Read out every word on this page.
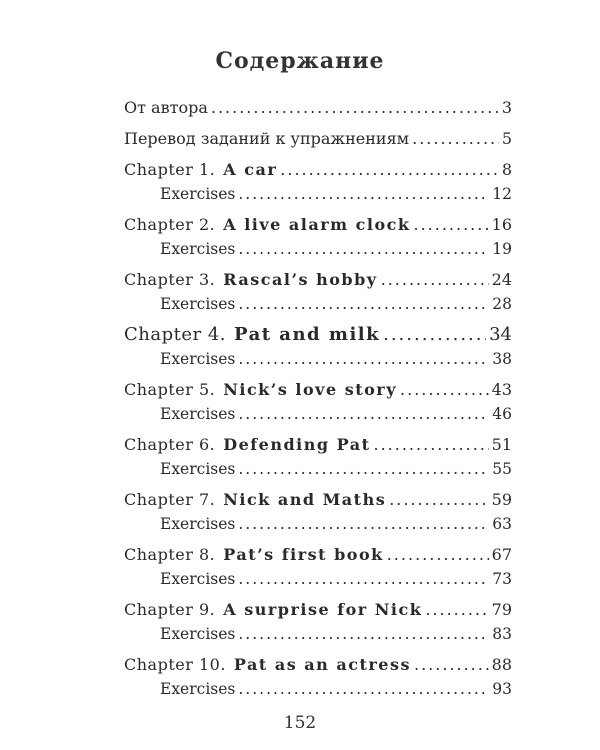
Содержание
От автора .....	3
Перевод заданий к упражнениям .....	5
Chapter 1. A car .....	8
Exercises .....	12
Chapter 2. A live alarm clock .....	16
Exercises .....	19
Chapter 3. Rascal’s hobby .....	24
Exercises .....	28
Chapter 4. Pat and milk .....	34
Exercises .....	38
Chapter 5. Nick’s love story .....	43
Exercises .....	46
Chapter 6. Defending Pat .....	51
Exercises .....	55
Chapter 7. Nick and Maths .....	59
Exercises .....	63
Chapter 8. Pat’s first book .....	67
Exercises .....	73
Chapter 9. A surprise for Nick .....	79
Exercises .....	83
Chapter 10. Pat as an actress .....	88
Exercises .....	93
152
